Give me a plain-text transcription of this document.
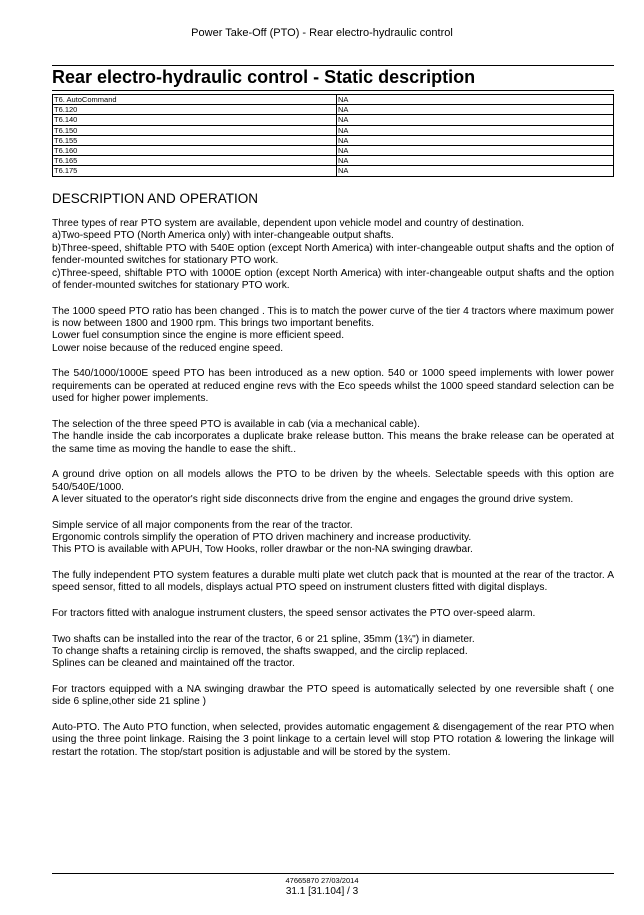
Power Take-Off (PTO) - Rear electro-hydraulic control
Rear electro-hydraulic control - Static description
T6. AutoCommand	NA
T6.120	NA
T6.140	NA
T6.150	NA
T6.155	NA
T6.160	NA
T6.165	NA
T6.175	NA
DESCRIPTION AND OPERATION

Three types of rear PTO system are available, dependent upon vehicle model and country of destination.
a)Two-speed PTO (North America only) with inter-changeable output shafts.
b)Three-speed, shiftable PTO with 540E option (except North America) with inter-changeable output shafts and the option of fender-mounted switches for stationary PTO work.
c)Three-speed, shiftable PTO with 1000E option (except North America) with inter-changeable output shafts and the option of fender-mounted switches for stationary PTO work.

The 1000 speed PTO ratio has been changed . This is to match the power curve of the tier 4 tractors where maximum power is now between 1800 and 1900 rpm. This brings two important benefits.
Lower fuel consumption since the engine is more efficient speed.
Lower noise because of the reduced engine speed.

The 540/1000/1000E speed PTO has been introduced as a new option. 540 or 1000 speed implements with lower power requirements can be operated at reduced engine revs with the Eco speeds whilst the 1000 speed standard selection can be used for higher power implements.

The selection of the three speed PTO is available in cab (via a mechanical cable).
The handle inside the cab incorporates a duplicate brake release button. This means the brake release can be operated at the same time as moving the handle to ease the shift..

A ground drive option on all models allows the PTO to be driven by the wheels. Selectable speeds with this option are 540/540E/1000.
A lever situated to the operator's right side disconnects drive from the engine and engages the ground drive system.

Simple service of all major components from the rear of the tractor.
Ergonomic controls simplify the operation of PTO driven machinery and increase productivity.
This PTO is available with APUH, Tow Hooks, roller drawbar or the non-NA swinging drawbar.

The fully independent PTO system features a durable multi plate wet clutch pack that is mounted at the rear of the tractor. A speed sensor, fitted to all models, displays actual PTO speed on instrument clusters fitted with digital displays.

For tractors fitted with analogue instrument clusters, the speed sensor activates the PTO over-speed alarm.

Two shafts can be installed into the rear of the tractor, 6 or 21 spline, 35mm (1¾") in diameter.
To change shafts a retaining circlip is removed, the shafts swapped, and the circlip replaced.
Splines can be cleaned and maintained off the tractor.

For tractors equipped with a NA swinging drawbar the PTO speed is automatically selected by one reversible shaft ( one side 6 spline,other side 21 spline )

Auto-PTO. The Auto PTO function, when selected, provides automatic engagement & disengagement of the rear PTO when using the three point linkage. Raising the 3 point linkage to a certain level will stop PTO rotation & lowering the linkage will restart the rotation. The stop/start position is adjustable and will be stored by the system.

47665870 27/03/2014
31.1 [31.104] / 3
